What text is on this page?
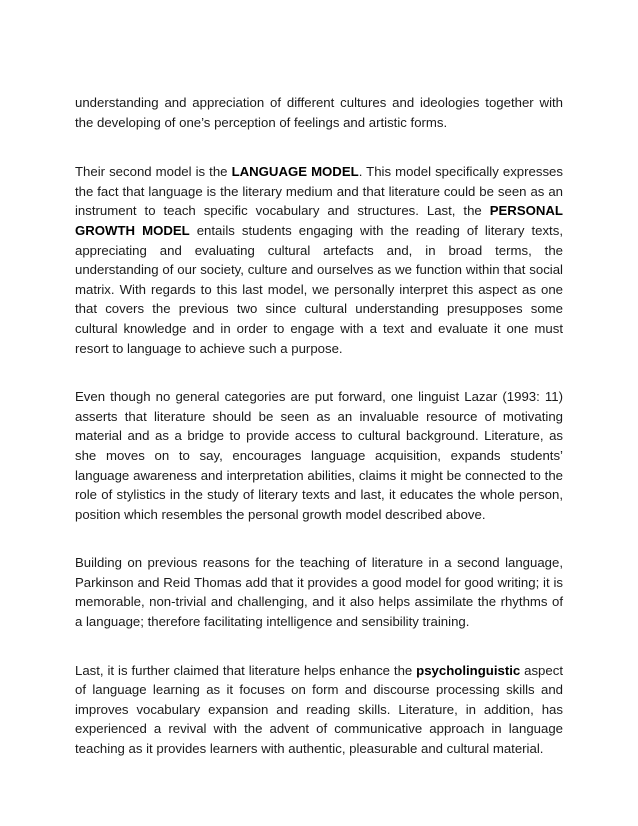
understanding and appreciation of different cultures and ideologies together with the developing of one’s perception of feelings and artistic forms.

Their second model is the LANGUAGE MODEL. This model specifically expresses the fact that language is the literary medium and that literature could be seen as an instrument to teach specific vocabulary and structures. Last, the PERSONAL GROWTH MODEL entails students engaging with the reading of literary texts, appreciating and evaluating cultural artefacts and, in broad terms, the understanding of our society, culture and ourselves as we function within that social matrix. With regards to this last model, we personally interpret this aspect as one that covers the previous two since cultural understanding presupposes some cultural knowledge and in order to engage with a text and evaluate it one must resort to language to achieve such a purpose.

Even though no general categories are put forward, one linguist Lazar (1993: 11) asserts that literature should be seen as an invaluable resource of motivating material and as a bridge to provide access to cultural background. Literature, as she moves on to say, encourages language acquisition, expands students’ language awareness and interpretation abilities, claims it might be connected to the role of stylistics in the study of literary texts and last, it educates the whole person, position which resembles the personal growth model described above.

Building on previous reasons for the teaching of literature in a second language, Parkinson and Reid Thomas add that it provides a good model for good writing; it is memorable, non-trivial and challenging, and it also helps assimilate the rhythms of a language; therefore facilitating intelligence and sensibility training.

Last, it is further claimed that literature helps enhance the psycholinguistic aspect of language learning as it focuses on form and discourse processing skills and improves vocabulary expansion and reading skills. Literature, in addition, has experienced a revival with the advent of communicative approach in language teaching as it provides learners with authentic, pleasurable and cultural material.
